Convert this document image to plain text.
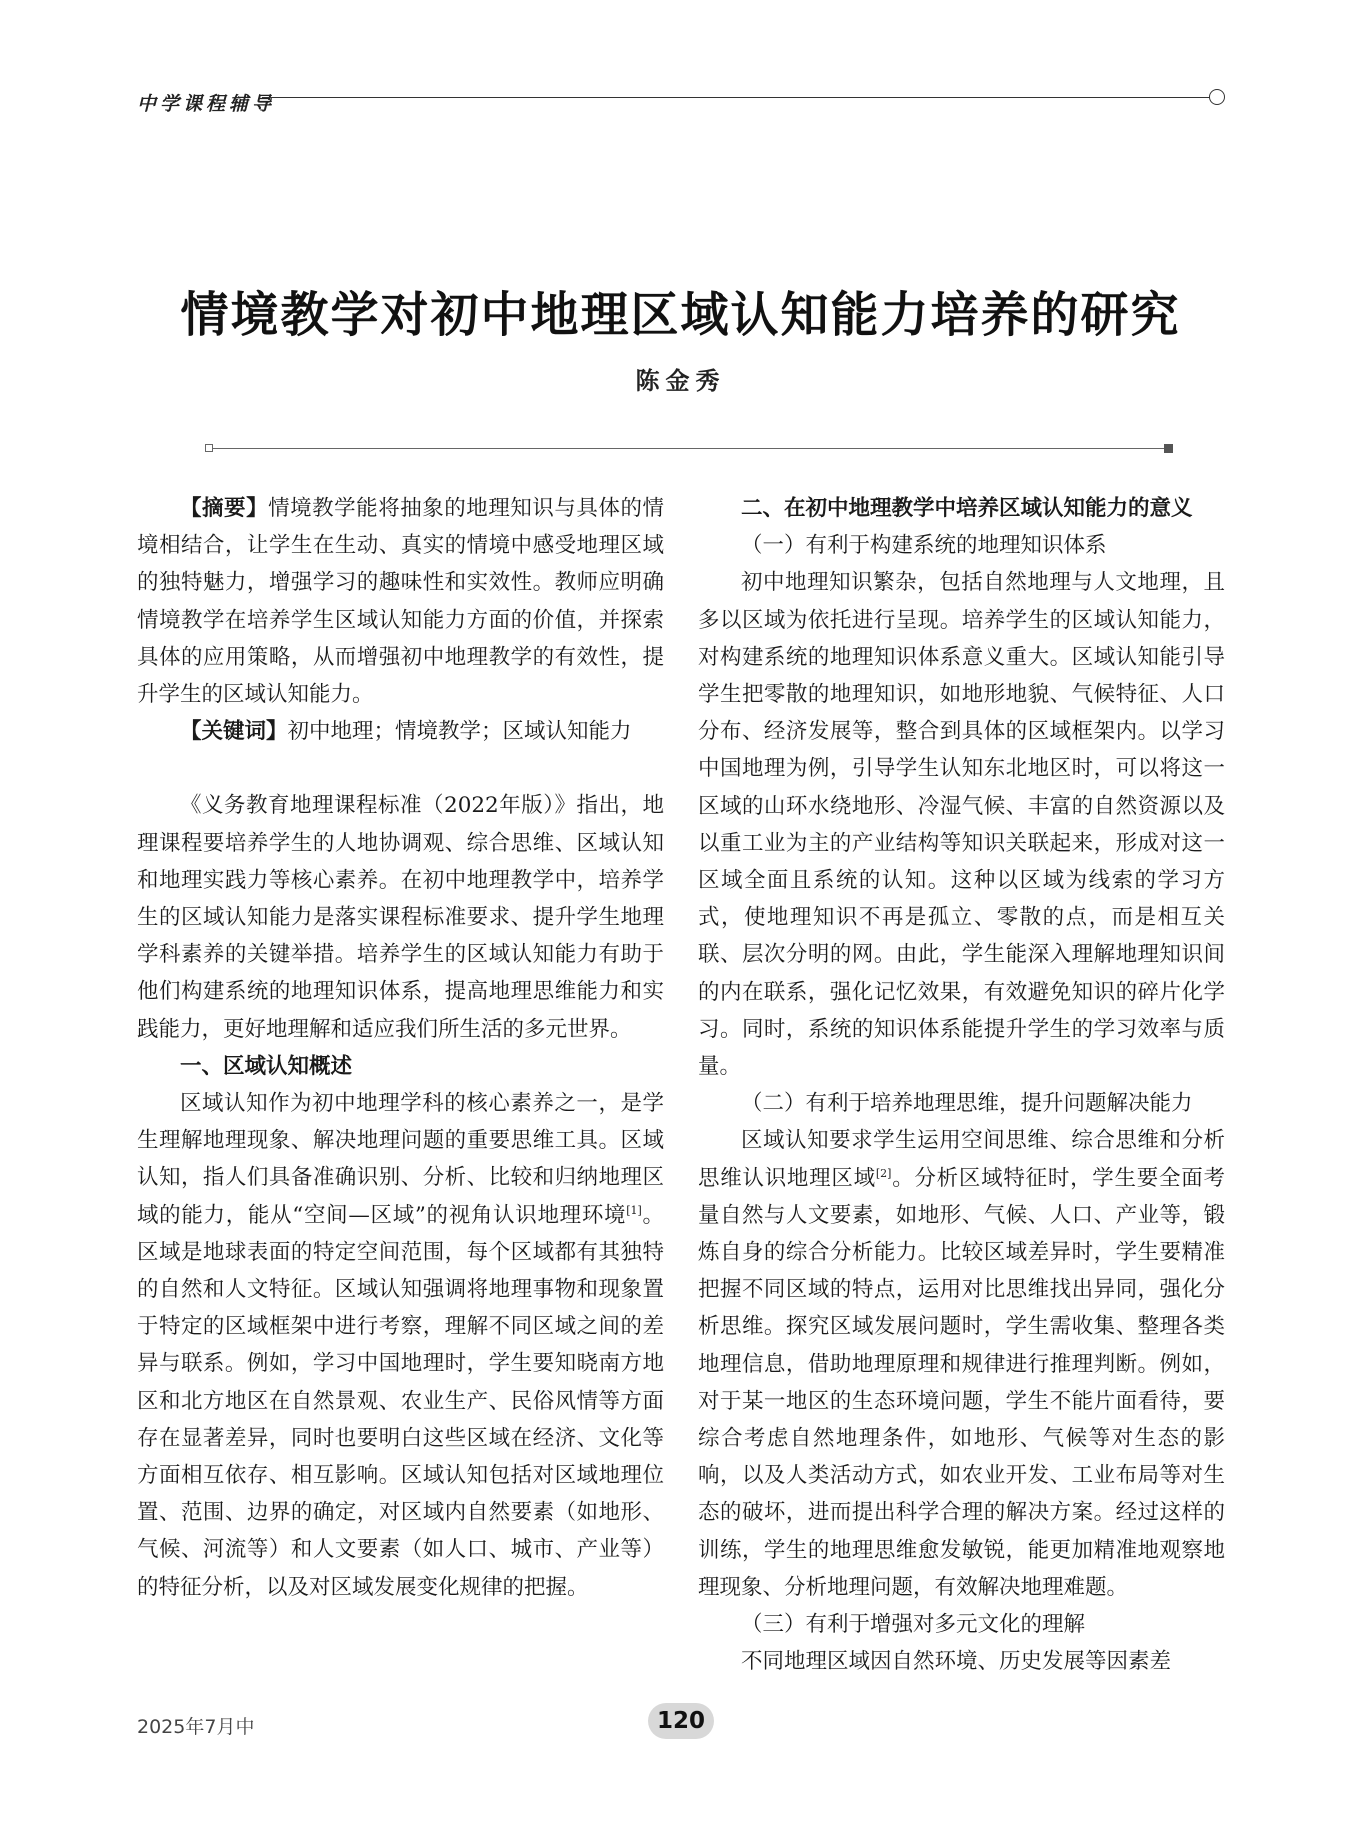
中学课程辅导
情境教学对初中地理区域认知能力培养的研究
陈金秀

【摘要】情境教学能将抽象的地理知识与具体的情境相结合，让学生在生动、真实的情境中感受地理区域的独特魅力，增强学习的趣味性和实效性。教师应明确情境教学在培养学生区域认知能力方面的价值，并探索具体的应用策略，从而增强初中地理教学的有效性，提升学生的区域认知能力。

【关键词】初中地理；情境教学；区域认知能力

《义务教育地理课程标准（2022年版）》指出，地理课程要培养学生的人地协调观、综合思维、区域认知和地理实践力等核心素养。在初中地理教学中，培养学生的区域认知能力是落实课程标准要求、提升学生地理学科素养的关键举措。培养学生的区域认知能力有助于他们构建系统的地理知识体系，提高地理思维能力和实践能力，更好地理解和适应我们所生活的多元世界。

一、区域认知概述

区域认知作为初中地理学科的核心素养之一，是学生理解地理现象、解决地理问题的重要思维工具。区域认知，指人们具备准确识别、分析、比较和归纳地理区域的能力，能从“空间—区域”的视角认识地理环境[1]。区域是地球表面的特定空间范围，每个区域都有其独特的自然和人文特征。区域认知强调将地理事物和现象置于特定的区域框架中进行考察，理解不同区域之间的差异与联系。例如，学习中国地理时，学生要知晓南方地区和北方地区在自然景观、农业生产、民俗风情等方面存在显著差异，同时也要明白这些区域在经济、文化等方面相互依存、相互影响。区域认知包括对区域地理位置、范围、边界的确定，对区域内自然要素（如地形、气候、河流等）和人文要素（如人口、城市、产业等）的特征分析，以及对区域发展变化规律的把握。

二、在初中地理教学中培养区域认知能力的意义

（一）有利于构建系统的地理知识体系

初中地理知识繁杂，包括自然地理与人文地理，且多以区域为依托进行呈现。培养学生的区域认知能力，对构建系统的地理知识体系意义重大。区域认知能引导学生把零散的地理知识，如地形地貌、气候特征、人口分布、经济发展等，整合到具体的区域框架内。以学习中国地理为例，引导学生认知东北地区时，可以将这一区域的山环水绕地形、冷湿气候、丰富的自然资源以及以重工业为主的产业结构等知识关联起来，形成对这一区域全面且系统的认知。这种以区域为线索的学习方式，使地理知识不再是孤立、零散的点，而是相互关联、层次分明的网。由此，学生能深入理解地理知识间的内在联系，强化记忆效果，有效避免知识的碎片化学习。同时，系统的知识体系能提升学生的学习效率与质量。

（二）有利于培养地理思维，提升问题解决能力

区域认知要求学生运用空间思维、综合思维和分析思维认识地理区域[2]。分析区域特征时，学生要全面考量自然与人文要素，如地形、气候、人口、产业等，锻炼自身的综合分析能力。比较区域差异时，学生要精准把握不同区域的特点，运用对比思维找出异同，强化分析思维。探究区域发展问题时，学生需收集、整理各类地理信息，借助地理原理和规律进行推理判断。例如，对于某一地区的生态环境问题，学生不能片面看待，要综合考虑自然地理条件，如地形、气候等对生态的影响，以及人类活动方式，如农业开发、工业布局等对生态的破坏，进而提出科学合理的解决方案。经过这样的训练，学生的地理思维愈发敏锐，能更加精准地观察地理现象、分析地理问题，有效解决地理难题。

（三）有利于增强对多元文化的理解

不同地理区域因自然环境、历史发展等因素差

2025年7月中	120
